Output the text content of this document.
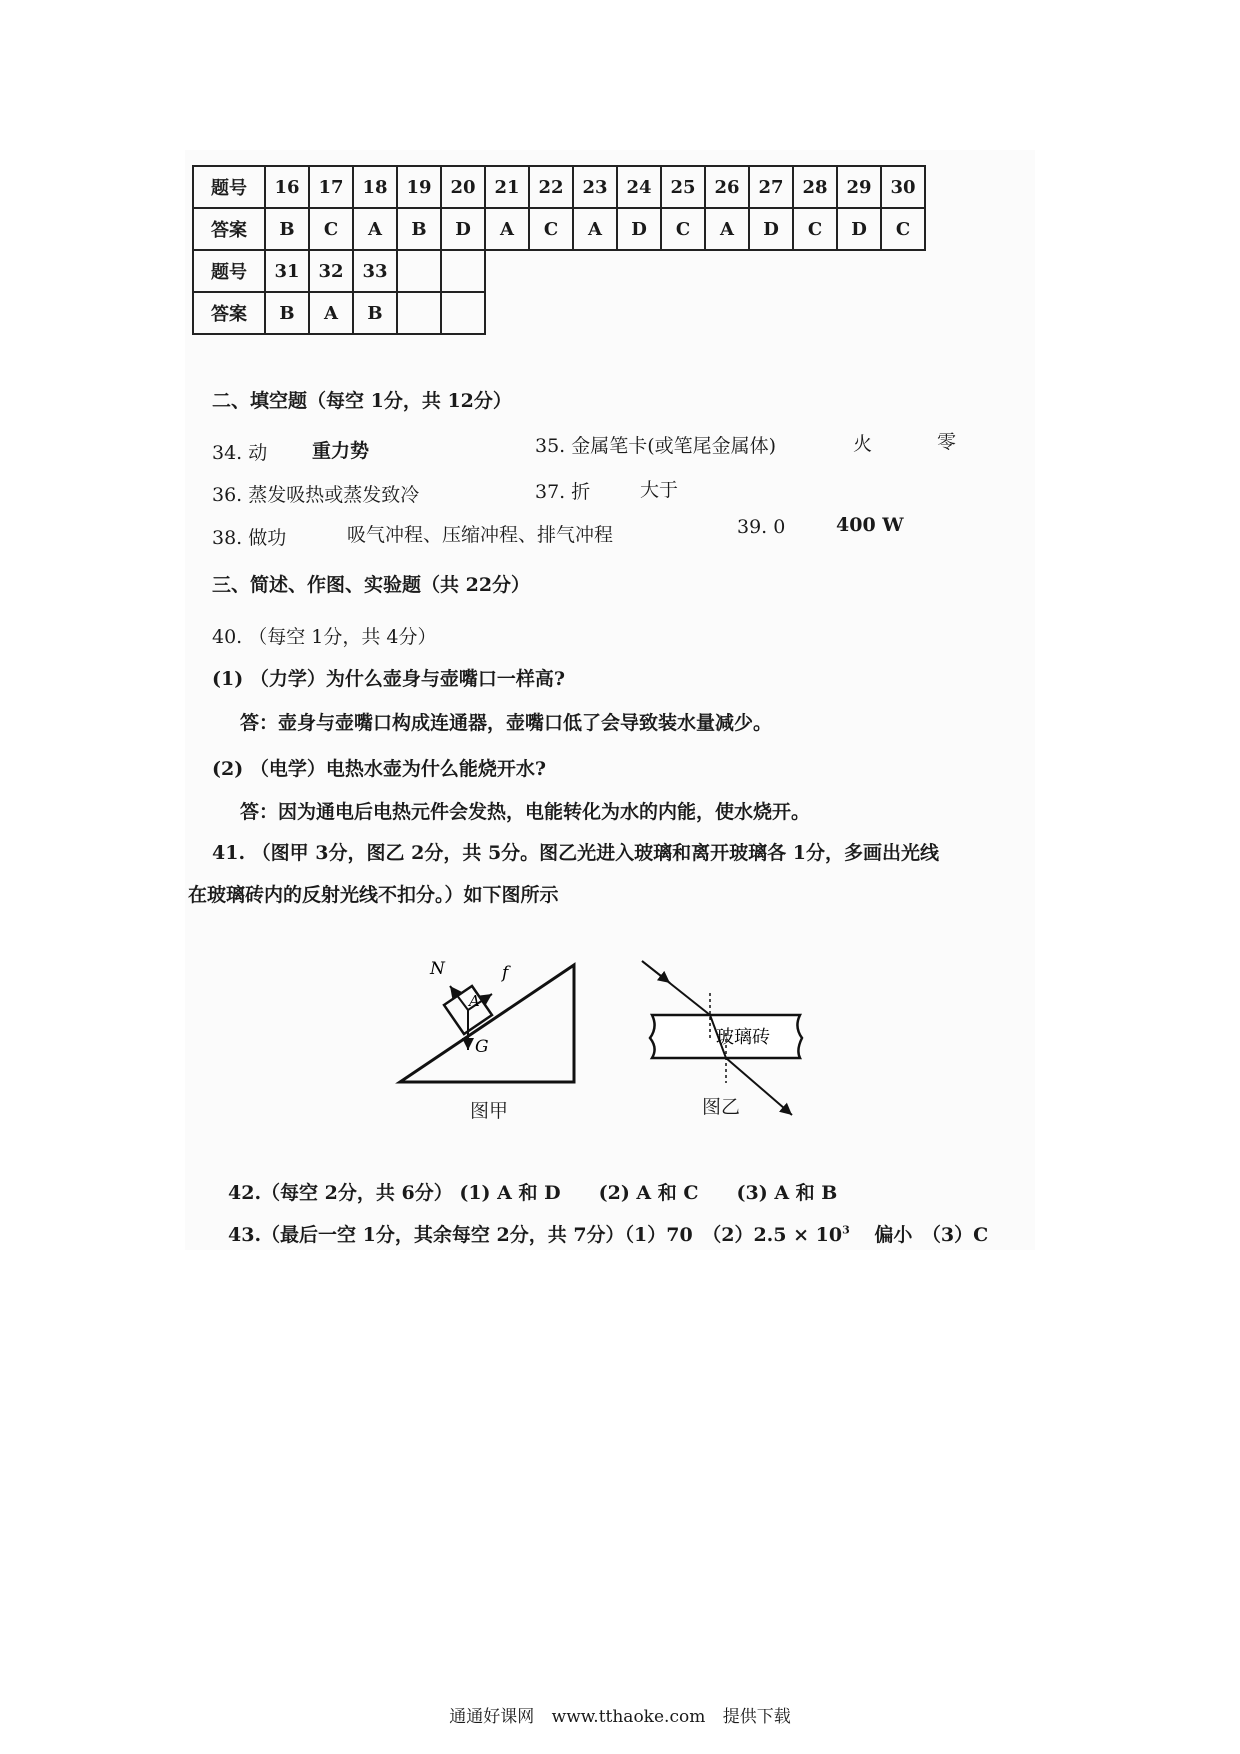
题号	16	17	18	19	20	21	22	23	24	25	26	27	28	29	30
答案	B	C	A	B	D	A	C	A	D	C	A	D	C	D	C
题号	31	32	33												
答案	B	A	B												
二、填空题（每空 1分，共 12分）
34. 动 重力势	35. 金属笔卡(或笔尾金属体)	火	零
36. 蒸发吸热或蒸发致冷	37. 折	大于
38. 做功	吸气冲程、压缩冲程、排气冲程	39. 0	400 W
三、简述、作图、实验题（共 22分）
40. （每空 1分，共 4分）
(1) （力学）为什么壶身与壶嘴口一样高?
答：壶身与壶嘴口构成连通器，壶嘴口低了会导致装水量减少。
(2) （电学）电热水壶为什么能烧开水?
答：因为通电后电热元件会发热，电能转化为水的内能，使水烧开。
41. （图甲 3分，图乙 2分，共 5分。图乙光进入玻璃和离开玻璃各 1分，多画出光线
在玻璃砖内的反射光线不扣分。）如下图所示
N	f
A
G
图甲
玻璃砖
图乙
42.（每空 2分，共 6分） (1) A 和 D　　(2) A 和 C　　(3) A 和 B
43.（最后一空 1分，其余每空 2分，共 7分）（1）70　$(2)2.5 \times 10^3$ 偏小　（3）C
通通好课网 www.tthaoke.com 提供下载
